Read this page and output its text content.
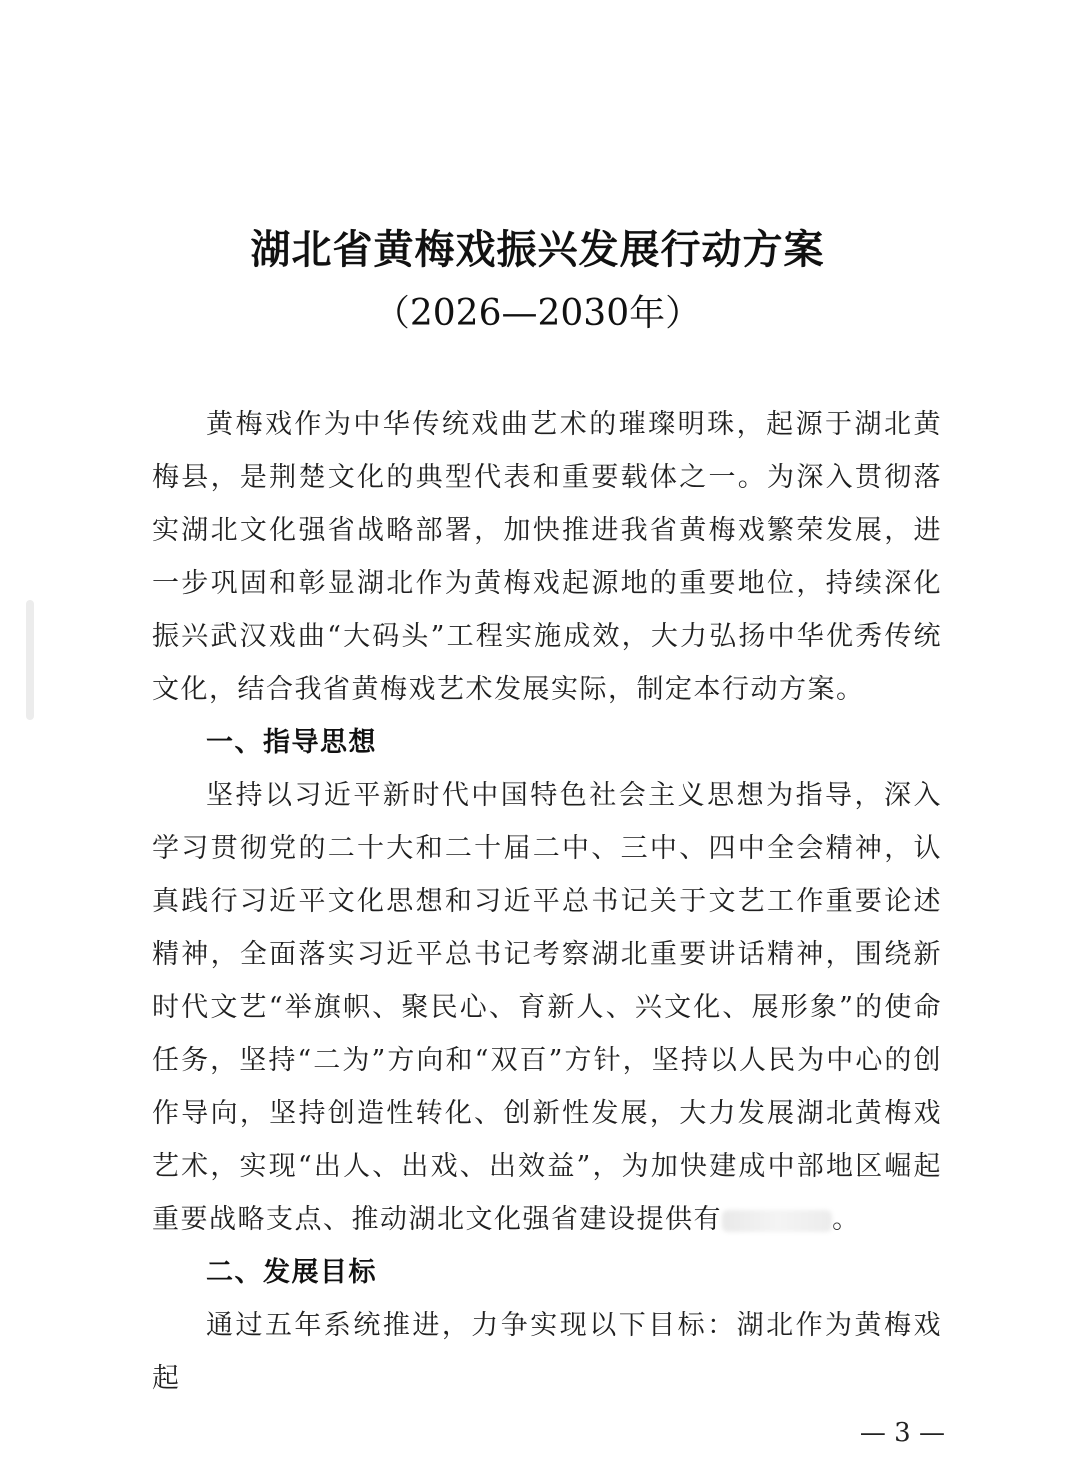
湖北省黄梅戏振兴发展行动方案
（2026—2030年）

黄梅戏作为中华传统戏曲艺术的璀璨明珠，起源于湖北黄梅县，是荆楚文化的典型代表和重要载体之一。为深入贯彻落实湖北文化强省战略部署，加快推进我省黄梅戏繁荣发展，进一步巩固和彰显湖北作为黄梅戏起源地的重要地位，持续深化振兴武汉戏曲“大码头”工程实施成效，大力弘扬中华优秀传统文化，结合我省黄梅戏艺术发展实际，制定本行动方案。

一、指导思想

坚持以习近平新时代中国特色社会主义思想为指导，深入学习贯彻党的二十大和二十届二中、三中、四中全会精神，认真践行习近平文化思想和习近平总书记关于文艺工作重要论述精神，全面落实习近平总书记考察湖北重要讲话精神，围绕新时代文艺“举旗帜、聚民心、育新人、兴文化、展形象”的使命任务，坚持“二为”方向和“双百”方针，坚持以人民为中心的创作导向，坚持创造性转化、创新性发展，大力发展湖北黄梅戏艺术，实现“出人、出戏、出效益”，为加快建成中部地区崛起重要战略支点、推动湖北文化强省建设提供有	。

二、发展目标

通过五年系统推进，力争实现以下目标：湖北作为黄梅戏起

— 3 —
